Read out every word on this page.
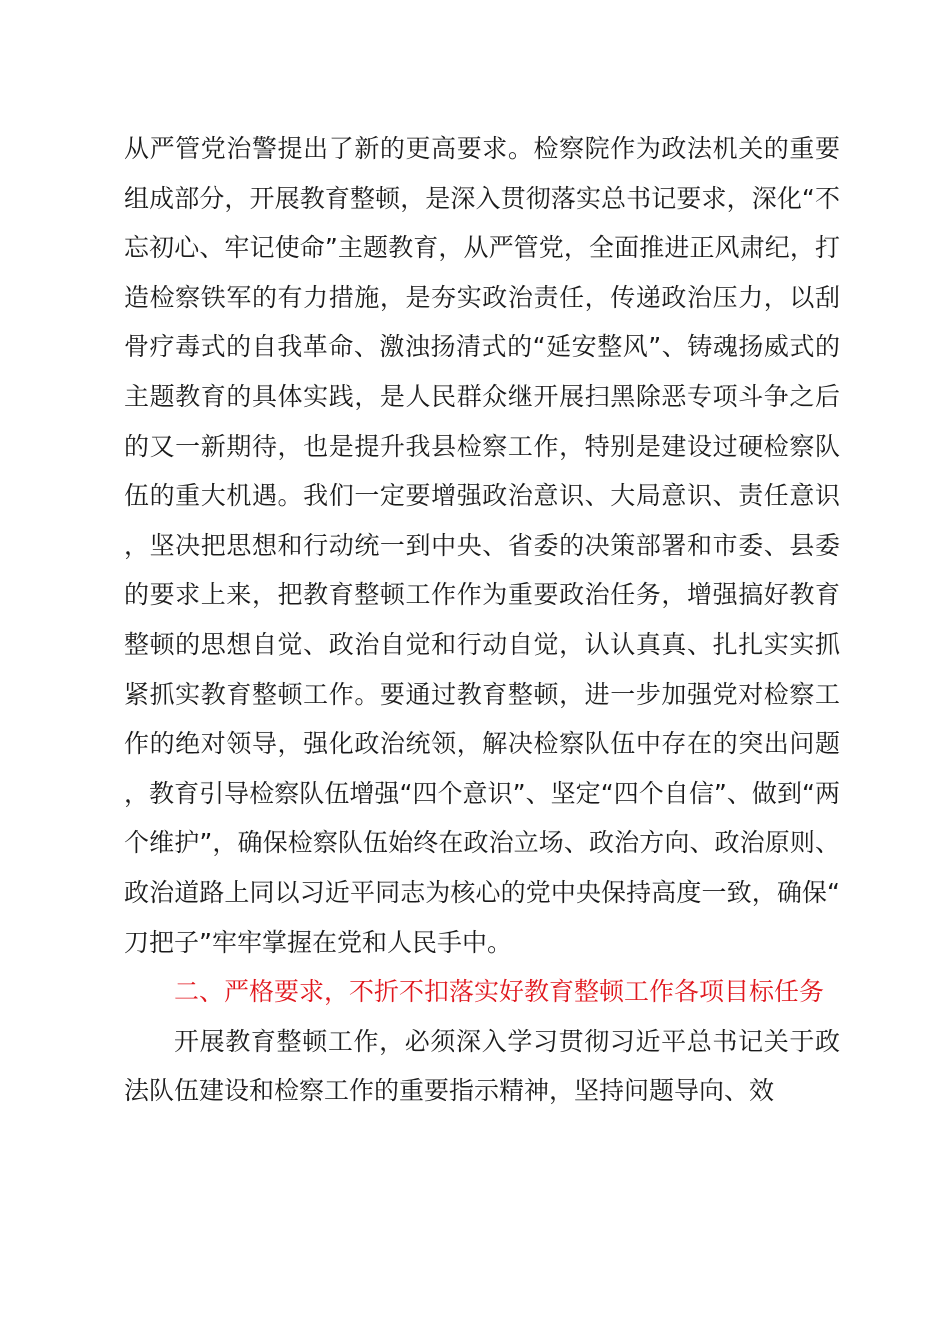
从严管党治警提出了新的更高要求。检察院作为政法机关的重要组成部分，开展教育整顿，是深入贯彻落实总书记要求，深化“不忘初心、牢记使命”主题教育，从严管党，全面推进正风肃纪，打造检察铁军的有力措施，是夯实政治责任，传递政治压力，以刮骨疗毒式的自我革命、激浊扬清式的“延安整风”、铸魂扬威式的主题教育的具体实践，是人民群众继开展扫黑除恶专项斗争之后的又一新期待，也是提升我县检察工作，特别是建设过硬检察队伍的重大机遇。我们一定要增强政治意识、大局意识、责任意识，坚决把思想和行动统一到中央、省委的决策部署和市委、县委的要求上来，把教育整顿工作作为重要政治任务，增强搞好教育整顿的思想自觉、政治自觉和行动自觉，认认真真、扎扎实实抓紧抓实教育整顿工作。要通过教育整顿，进一步加强党对检察工作的绝对领导，强化政治统领，解决检察队伍中存在的突出问题，教育引导检察队伍增强“四个意识”、坚定“四个自信”、做到“两个维护”，确保检察队伍始终在政治立场、政治方向、政治原则、政治道路上同以习近平同志为核心的党中央保持高度一致，确保“刀把子”牢牢掌握在党和人民手中。

二、严格要求，不折不扣落实好教育整顿工作各项目标任务

开展教育整顿工作，必须深入学习贯彻习近平总书记关于政法队伍建设和检察工作的重要指示精神，坚持问题导向、效
